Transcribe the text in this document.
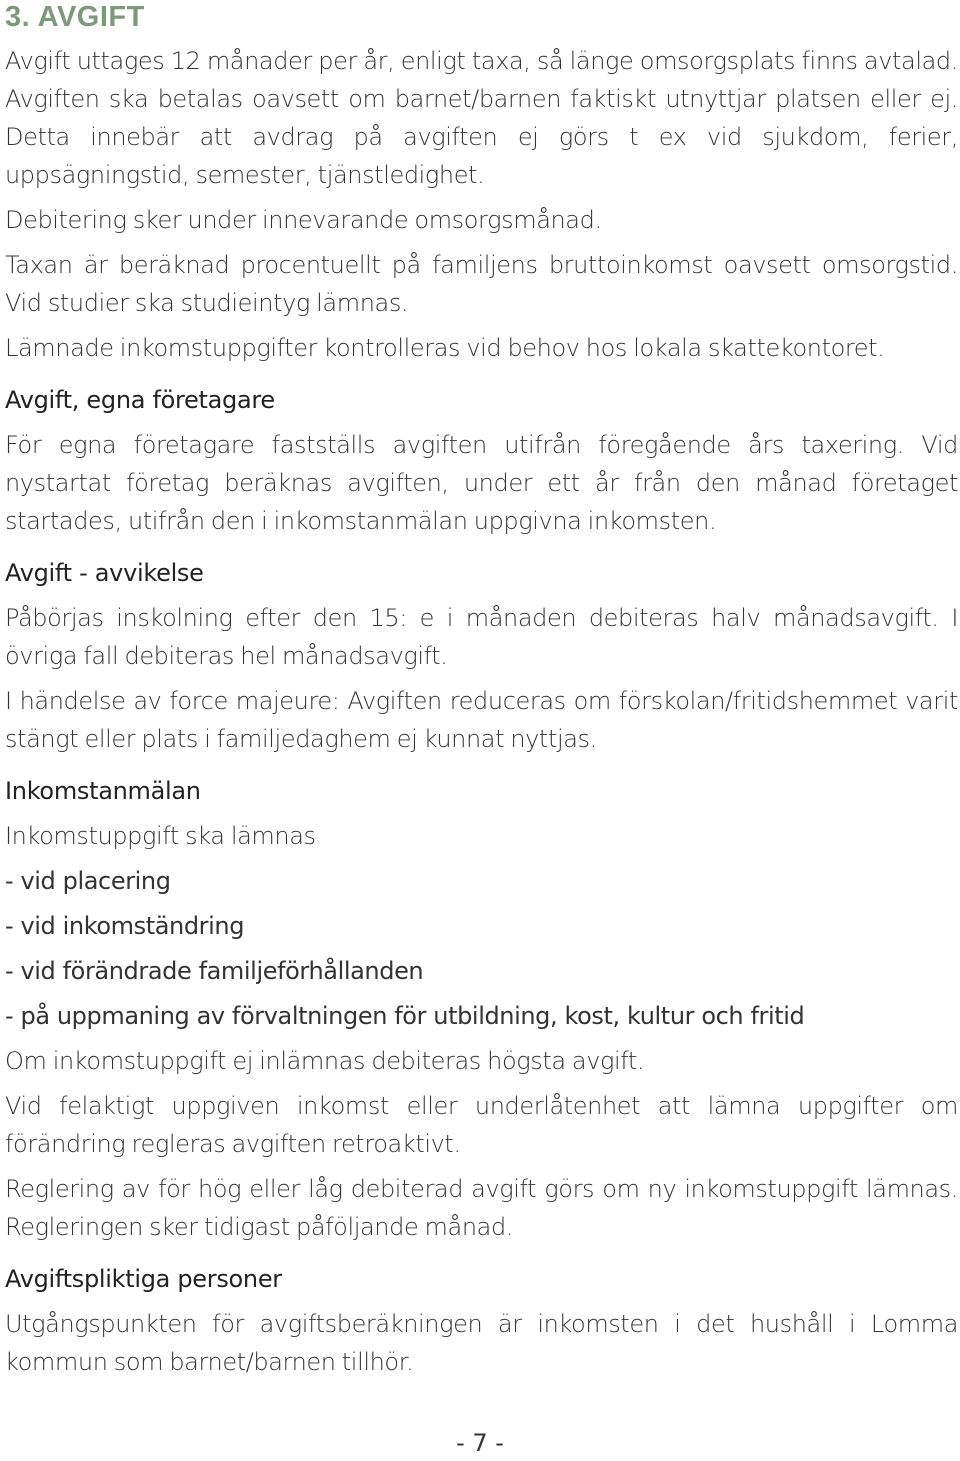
3. AVGIFT

Avgift uttages 12 månader per år, enligt taxa, så länge omsorgsplats finns avtalad. Avgiften ska betalas oavsett om barnet/barnen faktiskt utnyttjar platsen eller ej. Detta innebär att avdrag på avgiften ej görs t ex vid sjukdom, ferier, uppsägningstid, semester, tjänstledighet.

Debitering sker under innevarande omsorgsmånad.

Taxan är beräknad procentuellt på familjens bruttoinkomst oavsett omsorgstid. Vid studier ska studieintyg lämnas.

Lämnade inkomstuppgifter kontrolleras vid behov hos lokala skattekontoret.

Avgift, egna företagare

För egna företagare fastställs avgiften utifrån föregående års taxering. Vid nystartat företag beräknas avgiften, under ett år från den månad företaget startades, utifrån den i inkomstanmälan uppgivna inkomsten.

Avgift - avvikelse

Påbörjas inskolning efter den 15: e i månaden debiteras halv månadsavgift. I övriga fall debiteras hel månadsavgift.

I händelse av force majeure: Avgiften reduceras om förskolan/fritidshemmet varit stängt eller plats i familjedaghem ej kunnat nyttjas.

Inkomstanmälan

Inkomstuppgift ska lämnas

- vid placering

- vid inkomständring

- vid förändrade familjeförhållanden

- på uppmaning av förvaltningen för utbildning, kost, kultur och fritid

Om inkomstuppgift ej inlämnas debiteras högsta avgift.

Vid felaktigt uppgiven inkomst eller underlåtenhet att lämna uppgifter om förändring regleras avgiften retroaktivt.

Reglering av för hög eller låg debiterad avgift görs om ny inkomstuppgift lämnas. Regleringen sker tidigast påföljande månad.

Avgiftspliktiga personer

Utgångspunkten för avgiftsberäkningen är inkomsten i det hushåll i Lomma kommun som barnet/barnen tillhör.

- 7 -
